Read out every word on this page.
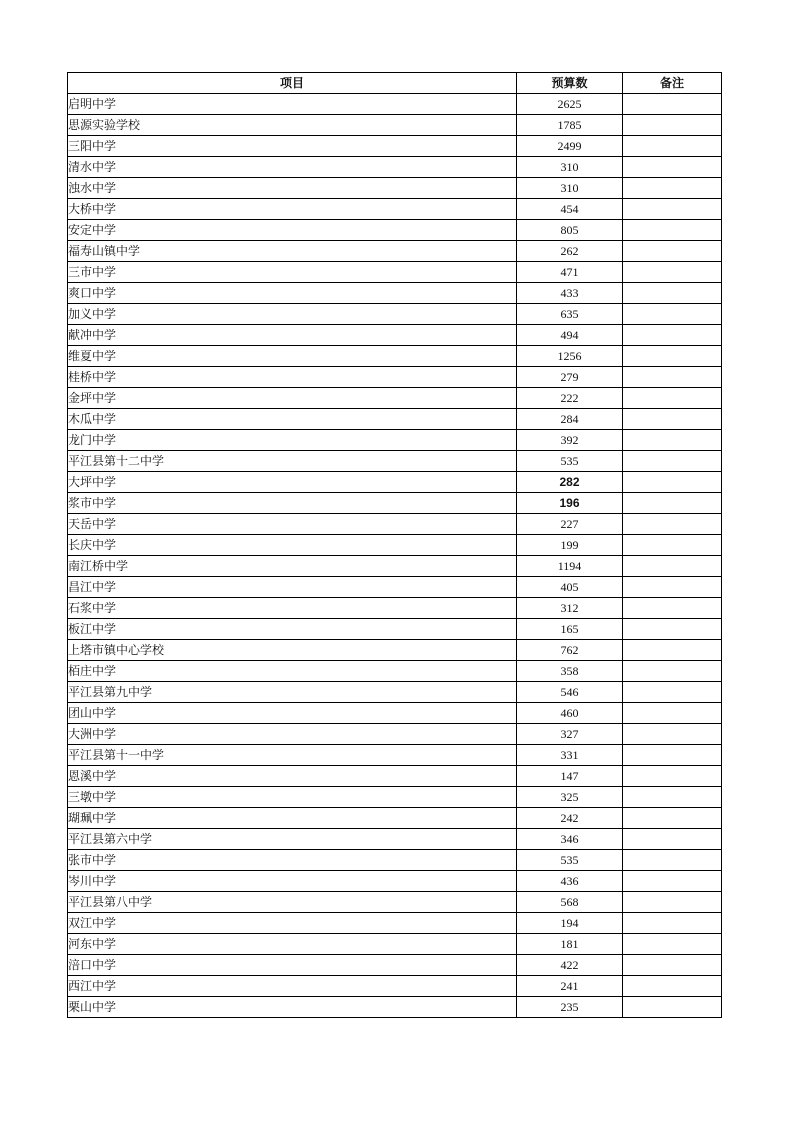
项目	预算数	备注
启明中学	2625	
思源实验学校	1785	
三阳中学	2499	
清水中学	310	
浊水中学	310	
大桥中学	454	
安定中学	805	
福寿山镇中学	262	
三市中学	471	
爽口中学	433	
加义中学	635	
献冲中学	494	
维夏中学	1256	
桂桥中学	279	
金坪中学	222	
木瓜中学	284	
龙门中学	392	
平江县第十二中学	535	
大坪中学	282	
浆市中学	196	
天岳中学	227	
长庆中学	199	
南江桥中学	1194	
昌江中学	405	
石浆中学	312	
板江中学	165	
上塔市镇中心学校	762	
栢庄中学	358	
平江县第九中学	546	
团山中学	460	
大洲中学	327	
平江县第十一中学	331	
恩溪中学	147	
三墩中学	325	
瑚珮中学	242	
平江县第六中学	346	
张市中学	535	
岑川中学	436	
平江县第八中学	568	
双江中学	194	
河东中学	181	
涪口中学	422	
西江中学	241	
栗山中学	235	
